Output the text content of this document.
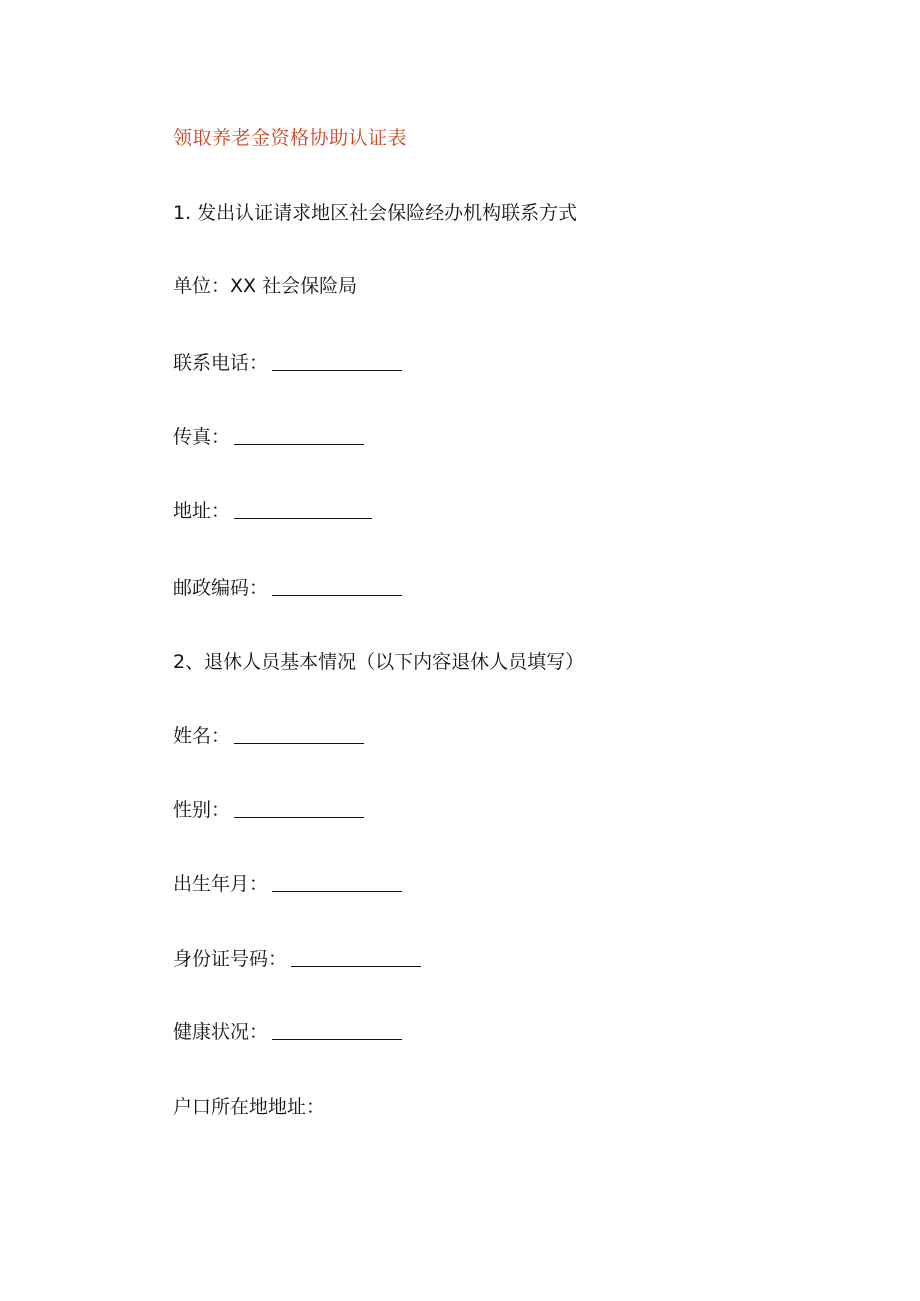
领取养老金资格协助认证表
1. 发出认证请求地区社会保险经办机构联系方式
单位：XX 社会保险局
联系电话：
传真：
地址：
邮政编码：
2、退休人员基本情况（以下内容退休人员填写）
姓名：
性别：
出生年月：
身份证号码：
健康状况：
户口所在地地址：
